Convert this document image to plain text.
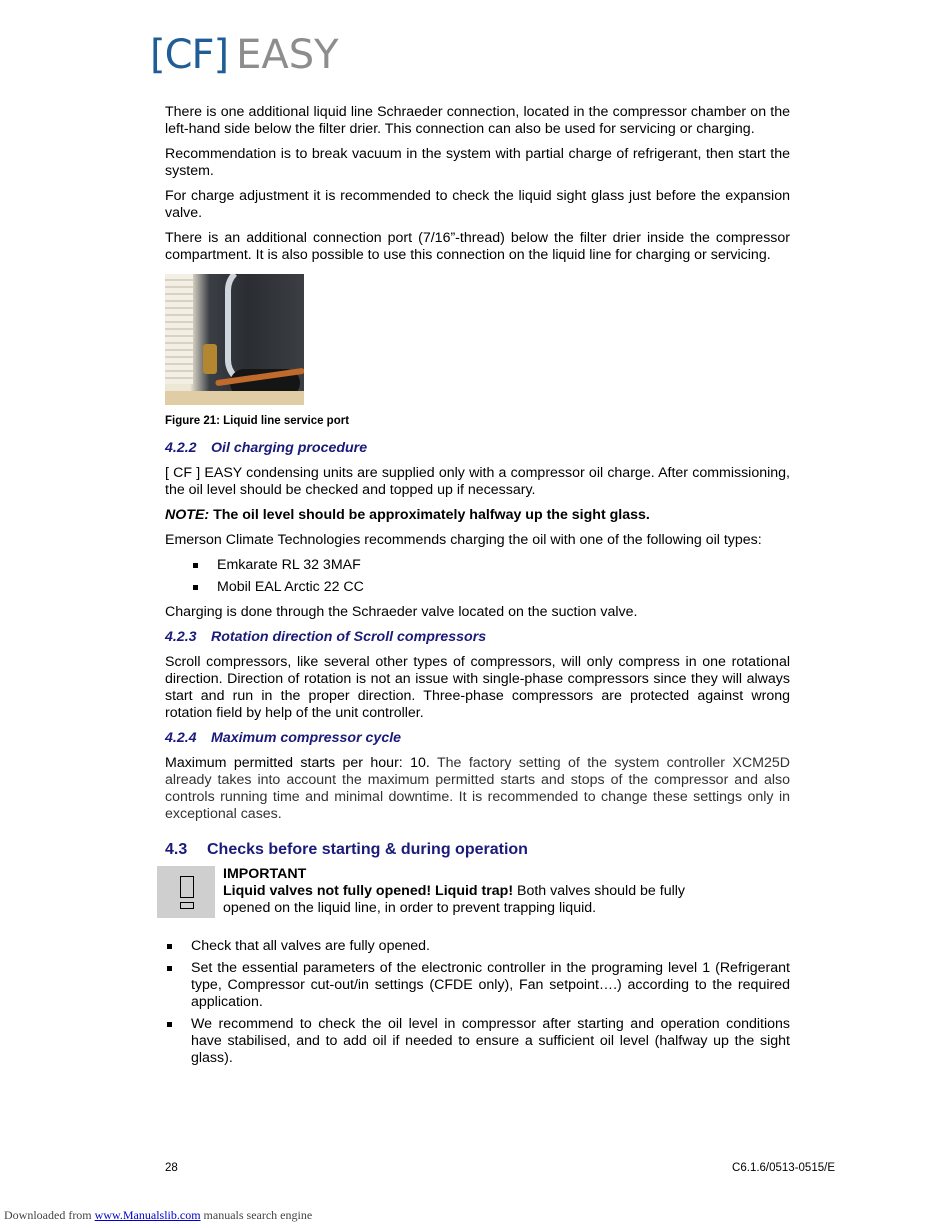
[CF] EASY

There is one additional liquid line Schraeder connection, located in the compressor chamber on the left-hand side below the filter drier. This connection can also be used for servicing or charging.

Recommendation is to break vacuum in the system with partial charge of refrigerant, then start the system.

For charge adjustment it is recommended to check the liquid sight glass just before the expansion valve.

There is an additional connection port (7/16”-thread) below the filter drier inside the compressor compartment. It is also possible to use this connection on the liquid line for charging or servicing.

Figure 21: Liquid line service port
4.2.2 Oil charging procedure

[ CF ] EASY condensing units are supplied only with a compressor oil charge. After commissioning, the oil level should be checked and topped up if necessary.

NOTE: The oil level should be approximately halfway up the sight glass.

Emerson Climate Technologies recommends charging the oil with one of the following oil types:

Emkarate RL 32 3MAF
Mobil EAL Arctic 22 CC

Charging is done through the Schraeder valve located on the suction valve.

4.2.3 Rotation direction of Scroll compressors

Scroll compressors, like several other types of compressors, will only compress in one rotational direction. Direction of rotation is not an issue with single-phase compressors since they will always start and run in the proper direction. Three-phase compressors are protected against wrong rotation field by help of the unit controller.

4.2.4 Maximum compressor cycle

Maximum permitted starts per hour: 10. The factory setting of the system controller XCM25D already takes into account the maximum permitted starts and stops of the compressor and also controls running time and minimal downtime. It is recommended to change these settings only in exceptional cases.

4.3 Checks before starting & during operation
IMPORTANT
Liquid valves not fully opened! Liquid trap! Both valves should be fully opened on the liquid line, in order to prevent trapping liquid.
Check that all valves are fully opened.
Set the essential parameters of the electronic controller in the programing level 1 (Refrigerant type, Compressor cut-out/in settings (CFDE only), Fan setpoint….) according to the required application.
We recommend to check the oil level in compressor after starting and operation conditions have stabilised, and to add oil if needed to ensure a sufficient oil level (halfway up the sight glass).
28	C6.1.6/0513-0515/E
Downloaded from www.Manualslib.com manuals search engine
